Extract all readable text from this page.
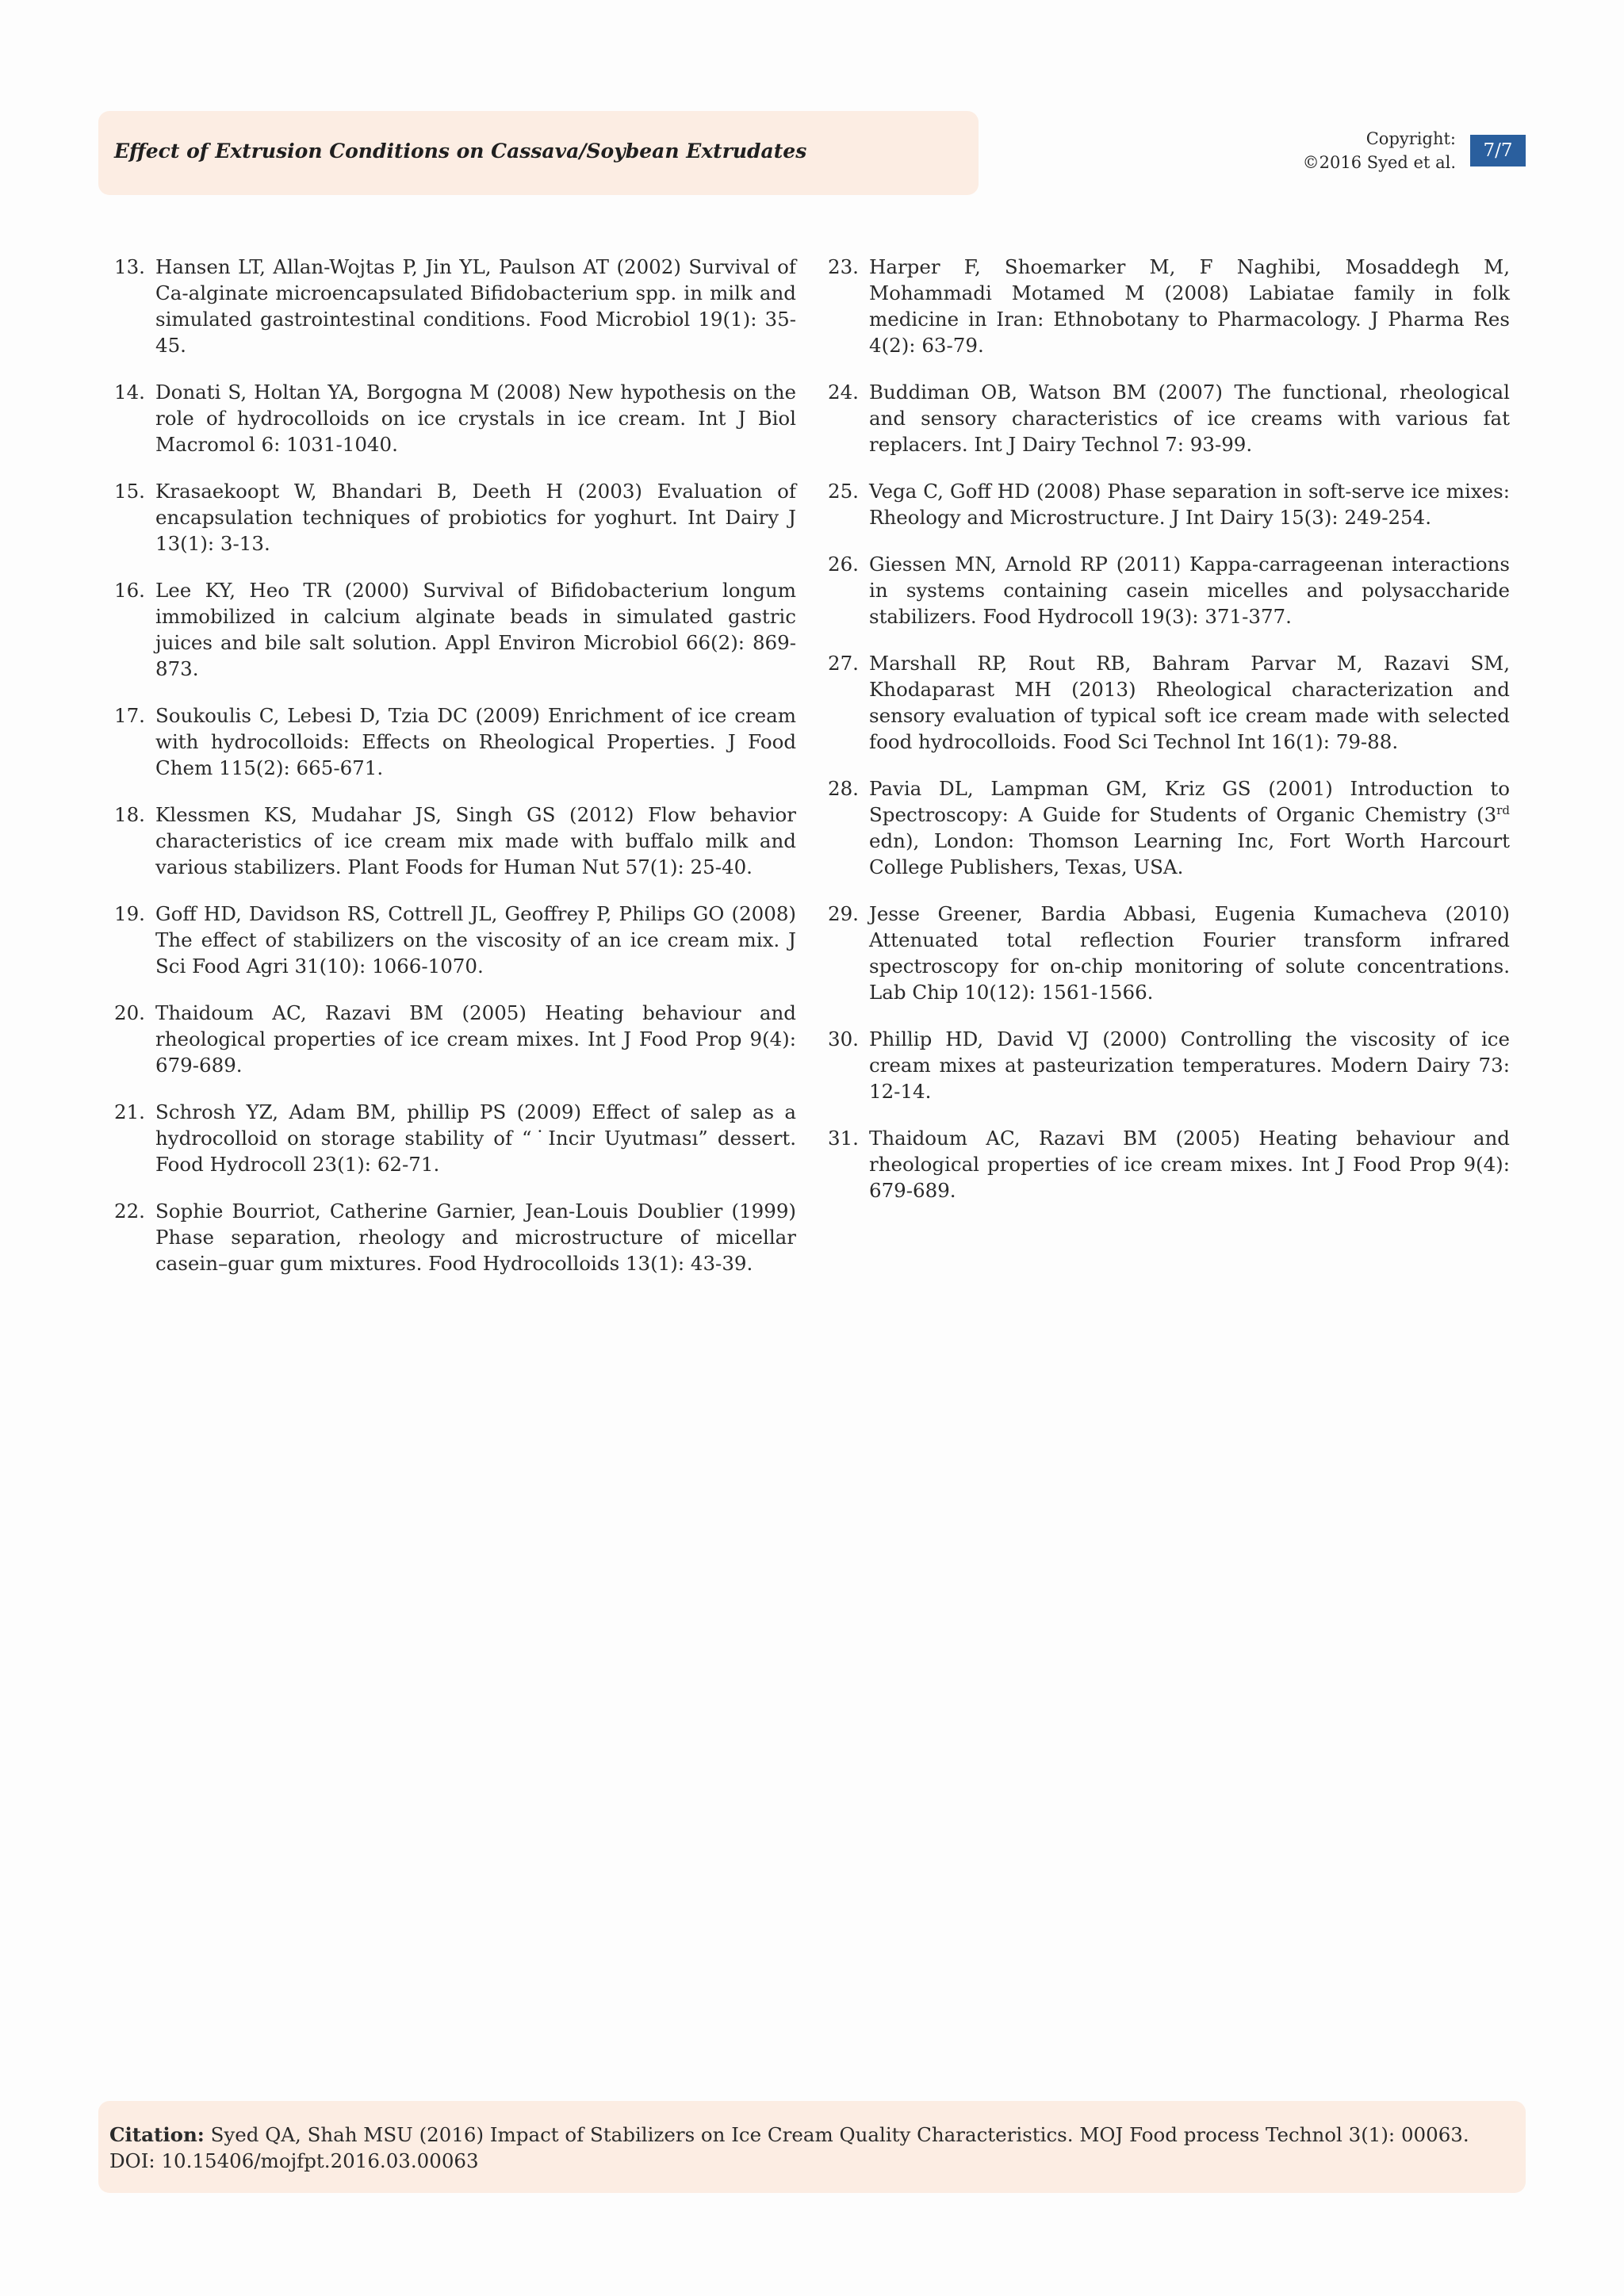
Effect of Extrusion Conditions on Cassava/Soybean Extrudates
Copyright:
©2016 Syed et al.
7/7
13. Hansen LT, Allan-Wojtas P, Jin YL, Paulson AT (2002) Survival of Ca-alginate microencapsulated Bifidobacterium spp. in milk and simulated gastrointestinal conditions. Food Microbiol 19(1): 35-45.
14. Donati S, Holtan YA, Borgogna M (2008) New hypothesis on the role of hydrocolloids on ice crystals in ice cream. Int J Biol Macromol 6: 1031-1040.
15. Krasaekoopt W, Bhandari B, Deeth H (2003) Evaluation of encapsulation techniques of probiotics for yoghurt. Int Dairy J 13(1): 3-13.
16. Lee KY, Heo TR (2000) Survival of Bifidobacterium longum immobilized in calcium alginate beads in simulated gastric juices and bile salt solution. Appl Environ Microbiol 66(2): 869-873.
17. Soukoulis C, Lebesi D, Tzia DC (2009) Enrichment of ice cream with hydrocolloids: Effects on Rheological Properties. J Food Chem 115(2): 665-671.
18. Klessmen KS, Mudahar JS, Singh GS (2012) Flow behavior characteristics of ice cream mix made with buffalo milk and various stabilizers. Plant Foods for Human Nut 57(1): 25-40.
19. Goff HD, Davidson RS, Cottrell JL, Geoffrey P, Philips GO (2008) The effect of stabilizers on the viscosity of an ice cream mix. J Sci Food Agri 31(10): 1066-1070.
20. Thaidoum AC, Razavi BM (2005) Heating behaviour and rheological properties of ice cream mixes. Int J Food Prop 9(4): 679-689.
21. Schrosh YZ, Adam BM, phillip PS (2009) Effect of salep as a hydrocolloid on storage stability of “˙Incir Uyutması” dessert. Food Hydrocoll 23(1): 62-71.
22. Sophie Bourriot, Catherine Garnier, Jean-Louis Doublier (1999) Phase separation, rheology and microstructure of micellar casein–guar gum mixtures. Food Hydrocolloids 13(1): 43-39.
23. Harper F, Shoemarker M, F Naghibi, Mosaddegh M, Mohammadi Motamed M (2008) Labiatae family in folk medicine in Iran: Ethnobotany to Pharmacology. J Pharma Res 4(2): 63-79.
24. Buddiman OB, Watson BM (2007) The functional, rheological and sensory characteristics of ice creams with various fat replacers. Int J Dairy Technol 7: 93-99.
25. Vega C, Goff HD (2008) Phase separation in soft-serve ice mixes: Rheology and Microstructure. J Int Dairy 15(3): 249-254.
26. Giessen MN, Arnold RP (2011) Kappa-carrageenan interactions in systems containing casein micelles and polysaccharide stabilizers. Food Hydrocoll 19(3): 371-377.
27. Marshall RP, Rout RB, Bahram Parvar M, Razavi SM, Khodaparast MH (2013) Rheological characterization and sensory evaluation of typical soft ice cream made with selected food hydrocolloids. Food Sci Technol Int 16(1): 79-88.
28. Pavia DL, Lampman GM, Kriz GS (2001) Introduction to Spectroscopy: A Guide for Students of Organic Chemistry (3rd edn), London: Thomson Learning Inc, Fort Worth Harcourt College Publishers, Texas, USA.
29. Jesse Greener, Bardia Abbasi, Eugenia Kumacheva (2010) Attenuated total reflection Fourier transform infrared spectroscopy for on-chip monitoring of solute concentrations. Lab Chip 10(12): 1561-1566.
30. Phillip HD, David VJ (2000) Controlling the viscosity of ice cream mixes at pasteurization temperatures. Modern Dairy 73: 12-14.
31. Thaidoum AC, Razavi BM (2005) Heating behaviour and rheological properties of ice cream mixes. Int J Food Prop 9(4): 679-689.
Citation: Syed QA, Shah MSU (2016) Impact of Stabilizers on Ice Cream Quality Characteristics. MOJ Food process Technol 3(1): 00063.
DOI: 10.15406/mojfpt.2016.03.00063
